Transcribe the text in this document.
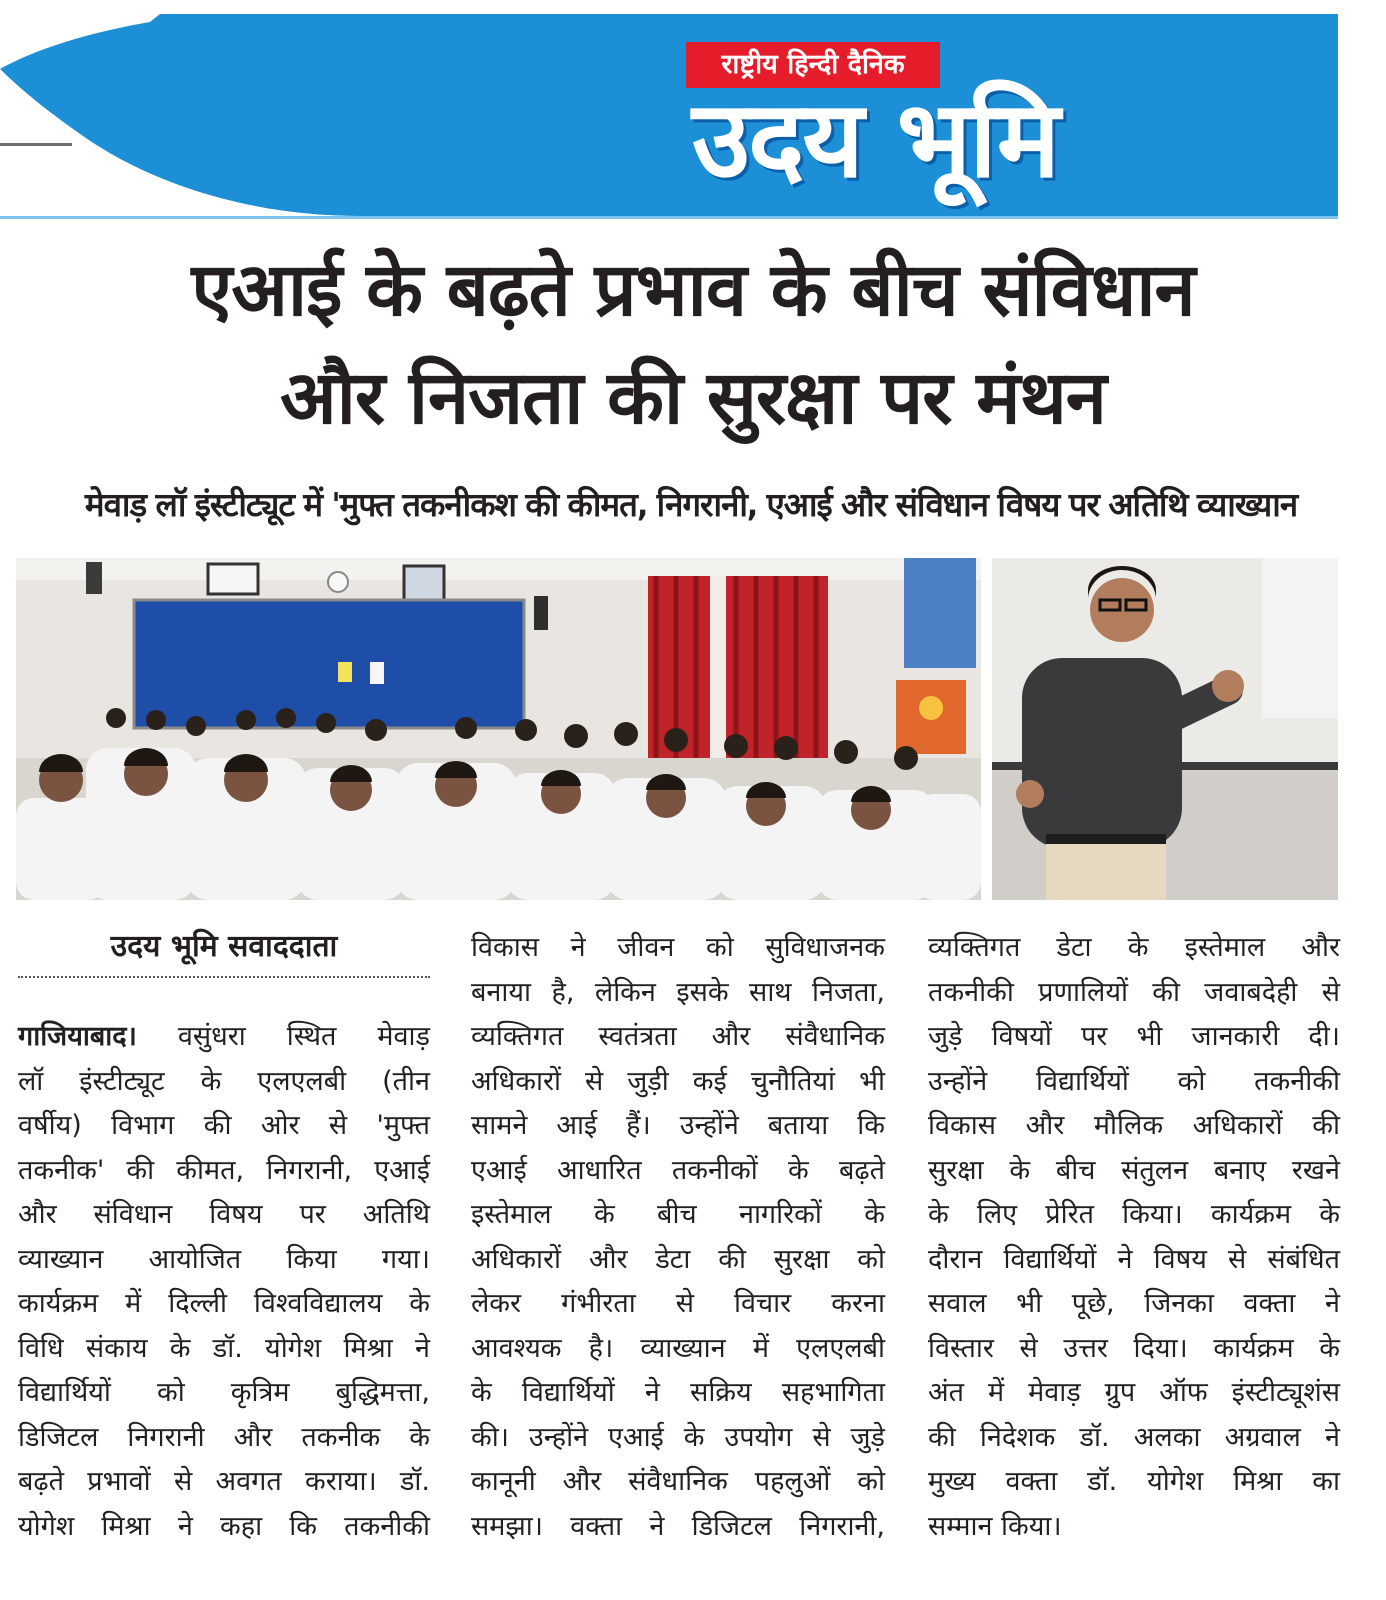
राष्ट्रीय हिन्दी दैनिक
उदय भूमि
एआई के बढ़ते प्रभाव के बीच संविधान
और निजता की सुरक्षा पर मंथन
मेवाड़ लॉ इंस्टीट्यूट में 'मुफ्त तकनीकश की कीमत, निगरानी, एआई और संविधान विषय पर अतिथि व्याख्यान
उदय भूमि सवाददाता
गाजियाबाद। वसुंधरा स्थित मेवाड़
लॉ इंस्टीट्यूट के एलएलबी (तीन
वर्षीय) विभाग की ओर से 'मुफ्त
तकनीक' की कीमत, निगरानी, एआई
और संविधान विषय पर अतिथि
व्याख्यान आयोजित किया गया।
कार्यक्रम में दिल्ली विश्वविद्यालय के
विधि संकाय के डॉ. योगेश मिश्रा ने
विद्यार्थियों को कृत्रिम बुद्धिमत्ता,
डिजिटल निगरानी और तकनीक के
बढ़ते प्रभावों से अवगत कराया। डॉ.
योगेश मिश्रा ने कहा कि तकनीकी
विकास ने जीवन को सुविधाजनक
बनाया है, लेकिन इसके साथ निजता,
व्यक्तिगत स्वतंत्रता और संवैधानिक
अधिकारों से जुड़ी कई चुनौतियां भी
सामने आई हैं। उन्होंने बताया कि
एआई आधारित तकनीकों के बढ़ते
इस्तेमाल के बीच नागरिकों के
अधिकारों और डेटा की सुरक्षा को
लेकर गंभीरता से विचार करना
आवश्यक है। व्याख्यान में एलएलबी
के विद्यार्थियों ने सक्रिय सहभागिता
की। उन्होंने एआई के उपयोग से जुड़े
कानूनी और संवैधानिक पहलुओं को
समझा। वक्ता ने डिजिटल निगरानी,
व्यक्तिगत डेटा के इस्तेमाल और
तकनीकी प्रणालियों की जवाबदेही से
जुड़े विषयों पर भी जानकारी दी।
उन्होंने विद्यार्थियों को तकनीकी
विकास और मौलिक अधिकारों की
सुरक्षा के बीच संतुलन बनाए रखने
के लिए प्रेरित किया। कार्यक्रम के
दौरान विद्यार्थियों ने विषय से संबंधित
सवाल भी पूछे, जिनका वक्ता ने
विस्तार से उत्तर दिया। कार्यक्रम के
अंत में मेवाड़ ग्रुप ऑफ इंस्टीट्यूशंस
की निदेशक डॉ. अलका अग्रवाल ने
मुख्य वक्ता डॉ. योगेश मिश्रा का
सम्मान किया।
